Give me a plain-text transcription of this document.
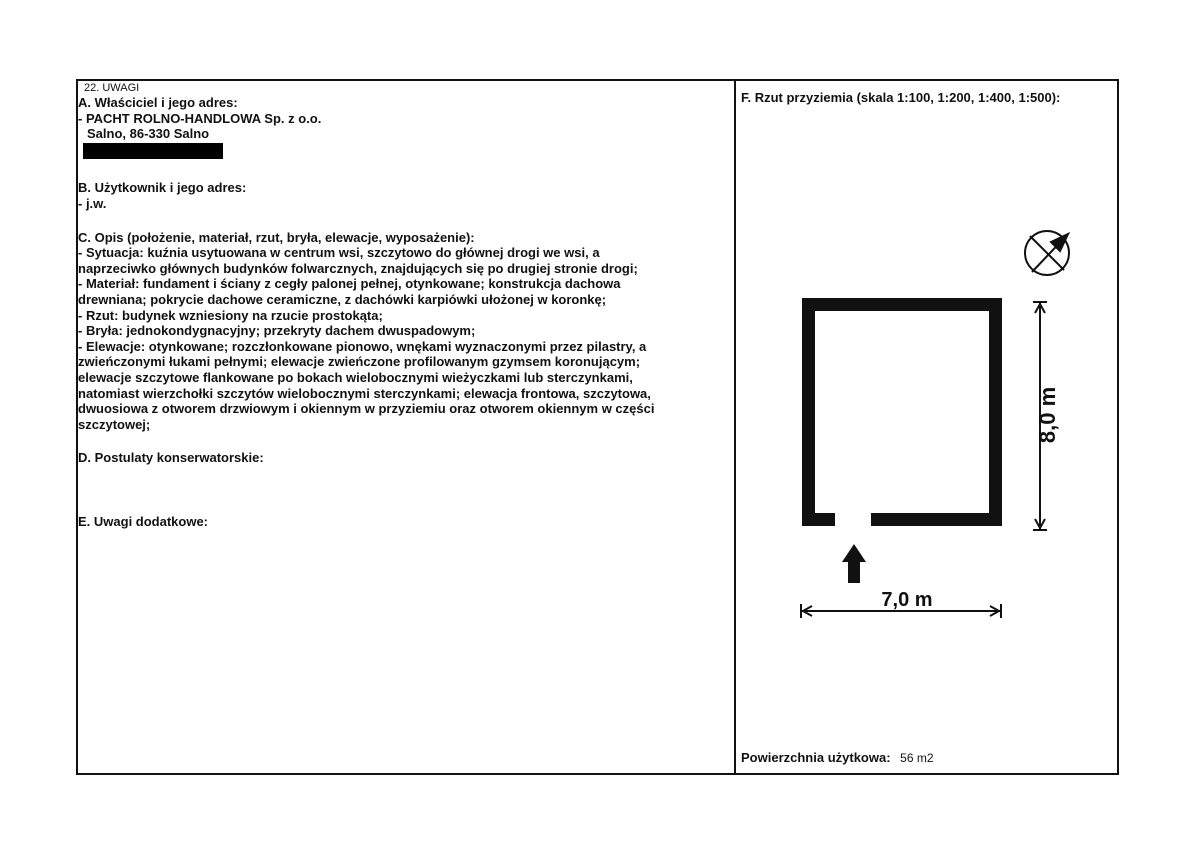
22. UWAGI
A. Właściciel i jego adres:
- PACHT ROLNO-HANDLOWA Sp. z o.o.
Salno, 86-330 Salno
B. Użytkownik i jego adres:
- j.w.
C. Opis (położenie, materiał, rzut, bryła, elewacje, wyposażenie):
- Sytuacja: kuźnia usytuowana w centrum wsi, szczytowo do głównej drogi we wsi, a
naprzeciwko głównych budynków folwarcznych, znajdujących się po drugiej stronie drogi;
- Materiał: fundament i ściany z cegły palonej pełnej, otynkowane; konstrukcja dachowa
drewniana; pokrycie dachowe ceramiczne, z dachówki karpiówki ułożonej w koronkę;
- Rzut: budynek wzniesiony na rzucie prostokąta;
- Bryła: jednokondygnacyjny; przekryty dachem dwuspadowym;
- Elewacje: otynkowane; rozczłonkowane pionowo, wnękami wyznaczonymi przez pilastry, a
zwieńczonymi łukami pełnymi; elewacje zwieńczone profilowanym gzymsem koronującym;
elewacje szczytowe flankowane po bokach wielobocznymi wieżyczkami lub sterczynkami,
natomiast wierzchołki szczytów wielobocznymi sterczynkami; elewacja frontowa, szczytowa,
dwuosiowa z otworem drzwiowym i okiennym w przyziemiu oraz otworem okiennym w części
szczytowej;
D. Postulaty konserwatorskie:
E. Uwagi dodatkowe:
F. Rzut przyziemia (skala 1:100, 1:200, 1:400, 1:500):
8,0 m
7,0 m
Powierzchnia użytkowa: 56 m2
